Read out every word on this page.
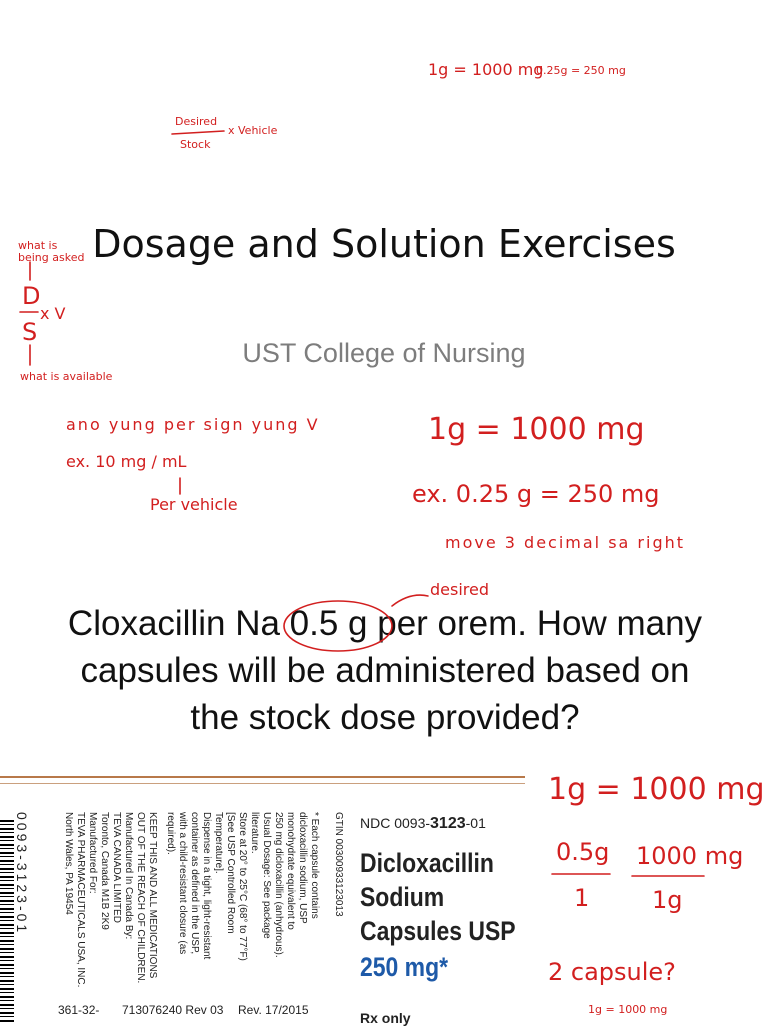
Dosage and Solution Exercises
UST College of Nursing
Cloxacillin Na 0.5 g per orem. How many capsules will be administered based on the stock dose provided?
1g = 1000 mg
0.25g = 250 mg
Desired
Stock
x Vehicle
what is being asked
D
S
x V
what is available
ano yung per sign yung V
ex. 10 mg / mL
Per vehicle
1g = 1000 mg
ex. 0.25 g = 250 mg
move 3 decimal sa right
desired
1g = 1000 mg
0.5g 1000 mg
1	1g
2 capsule?
1g = 1000 mg
0093-3123-01	North Wales, PA 19454 TEVA PHARMACEUTICALS USA, INC. Manufactured For: Toronto, Canada M1B 2K9 TEVA CANADA LIMITED Manufactured In Canada By: OUT OF THE REACH OF CHILDREN. KEEP THIS AND ALL MEDICATIONS required). with a child-resistant closure (as container as defined in the USP, Dispense in a tight, light-resistant Temperature]. [See USP Controlled Room Store at 20° to 25°C (68° to 77°F) literature. Usual Dosage: See package 250 mg dicloxacillin (anhydrous). monohydrate equivalent to dicloxacillin sodium, USP * Each capsule contains GTIN 00300933123013 NDC 0093-3123-01
Dicloxacillin
Sodium
Capsules USP
250 mg*
Rx only
361-32- 713076240 Rev 03 Rev. 17/2015
